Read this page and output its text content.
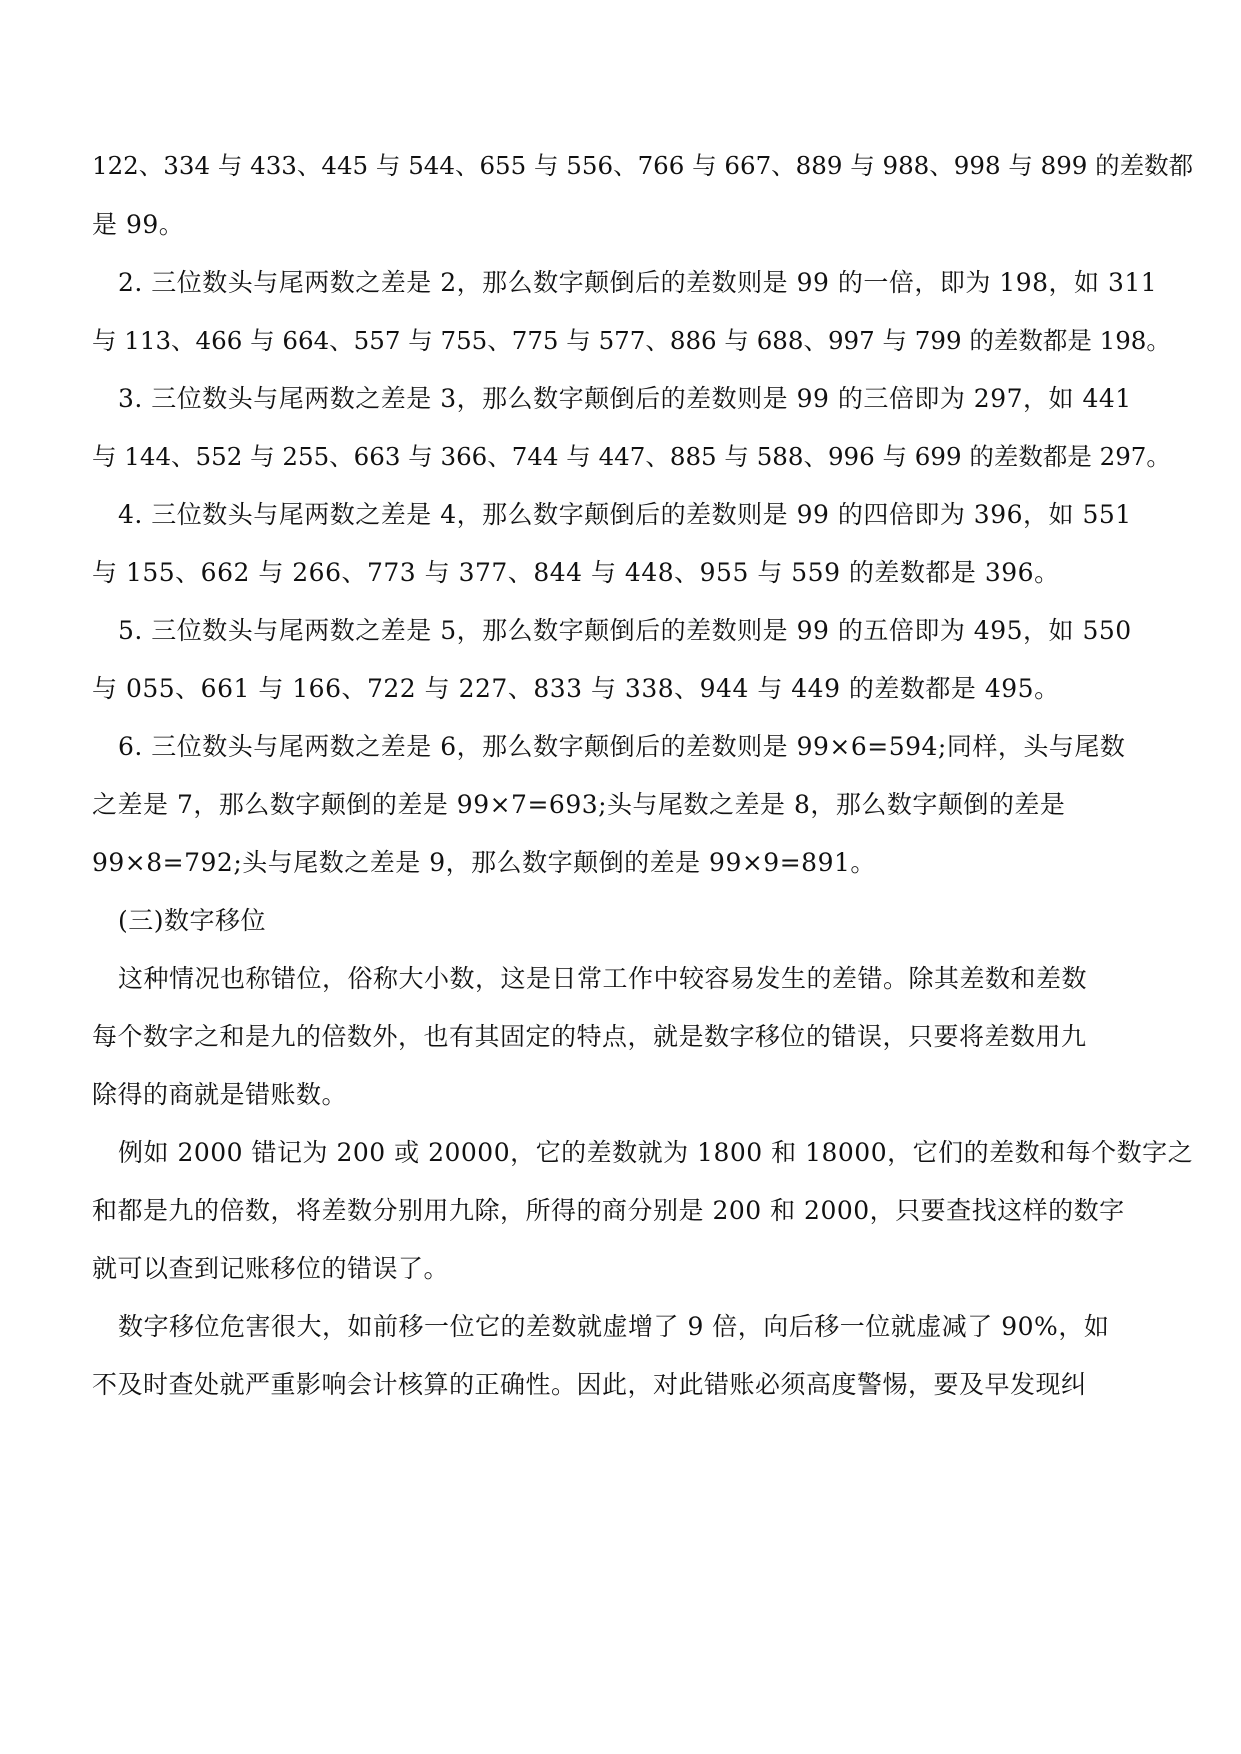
122、334 与 433、445 与 544、655 与 556、766 与 667、889 与 988、998 与 899 的差数都
是 99。
2. 三位数头与尾两数之差是 2，那么数字颠倒后的差数则是 99 的一倍，即为 198，如 311
与 113、466 与 664、557 与 755、775 与 577、886 与 688、997 与 799 的差数都是 198。
3. 三位数头与尾两数之差是 3，那么数字颠倒后的差数则是 99 的三倍即为 297，如 441
与 144、552 与 255、663 与 366、744 与 447、885 与 588、996 与 699 的差数都是 297。
4. 三位数头与尾两数之差是 4，那么数字颠倒后的差数则是 99 的四倍即为 396，如 551
与 155、662 与 266、773 与 377、844 与 448、955 与 559 的差数都是 396。
5. 三位数头与尾两数之差是 5，那么数字颠倒后的差数则是 99 的五倍即为 495，如 550
与 055、661 与 166、722 与 227、833 与 338、944 与 449 的差数都是 495。
6. 三位数头与尾两数之差是 6，那么数字颠倒后的差数则是 99×6=594;同样，头与尾数
之差是 7，那么数字颠倒的差是 99×7=693;头与尾数之差是 8，那么数字颠倒的差是
99×8=792;头与尾数之差是 9，那么数字颠倒的差是 99×9=891。
(三)数字移位
这种情况也称错位，俗称大小数，这是日常工作中较容易发生的差错。除其差数和差数
每个数字之和是九的倍数外，也有其固定的特点，就是数字移位的错误，只要将差数用九
除得的商就是错账数。
例如 2000 错记为 200 或 20000，它的差数就为 1800 和 18000，它们的差数和每个数字之
和都是九的倍数，将差数分别用九除，所得的商分别是 200 和 2000，只要查找这样的数字
就可以查到记账移位的错误了。
数字移位危害很大，如前移一位它的差数就虚增了 9 倍，向后移一位就虚减了 90%，如
不及时查处就严重影响会计核算的正确性。因此，对此错账必须高度警惕，要及早发现纠
